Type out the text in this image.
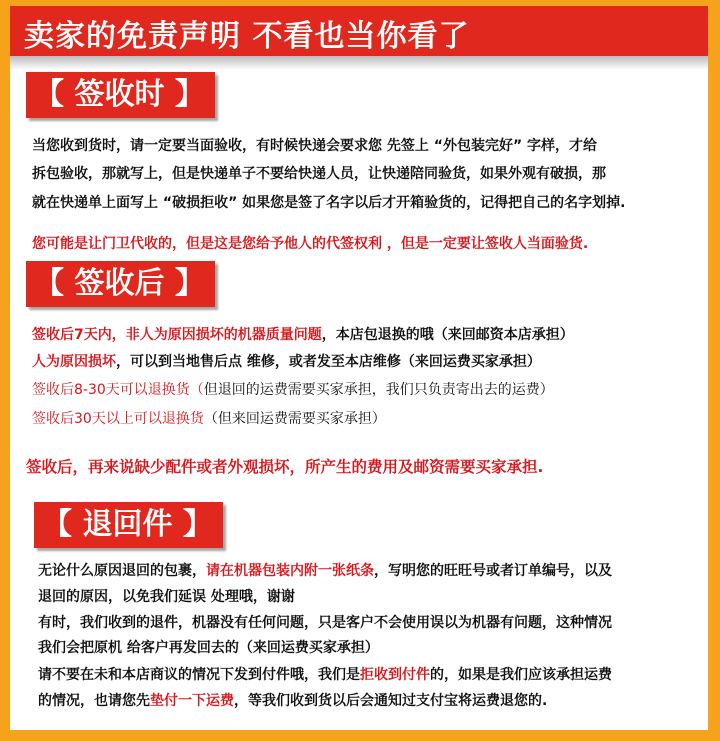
卖家的免责声明 不看也当你看了
【 签收时 】
当您收到货时，请一定要当面验收，有时候快递会要求您 先签上 “外包装完好” 字样，才给
拆包验收，那就写上，但是快递单子不要给快递人员，让快递陪同验货，如果外观有破损，那
就在快递单上面写上 “破损拒收” 如果您是签了名字以后才开箱验货的，记得把自己的名字划掉.
您可能是让门卫代收的，但是这是您给予他人的代签权利 ，但是一定要让签收人当面验货.
【 签收后 】
签收后7天内，非人为原因损坏的机器质量问题，本店包退换的哦（来回邮资本店承担）
人为原因损坏，可以到当地售后点 维修，或者发至本店维修（来回运费买家承担）
签收后8-30天可以退换货（但退回的运费需要买家承担，我们只负责寄出去的运费）
签收后30天以上可以退换货（但来回运费需要买家承担）
签收后，再来说缺少配件或者外观损坏，所产生的费用及邮资需要买家承担.
【 退回件 】
无论什么原因退回的包裹，请在机器包装内附一张纸条，写明您的旺旺号或者订单编号，以及
退回的原因，以免我们延误 处理哦，谢谢
有时，我们收到的退件，机器没有任何问题，只是客户不会使用误以为机器有问题，这种情况
我们会把原机 给客户再发回去的（来回运费买家承担）
请不要在未和本店商议的情况下发到付件哦，我们是拒收到付件的，如果是我们应该承担运费
的情况，也请您先垫付一下运费，等我们收到货以后会通知过支付宝将运费退您的.
